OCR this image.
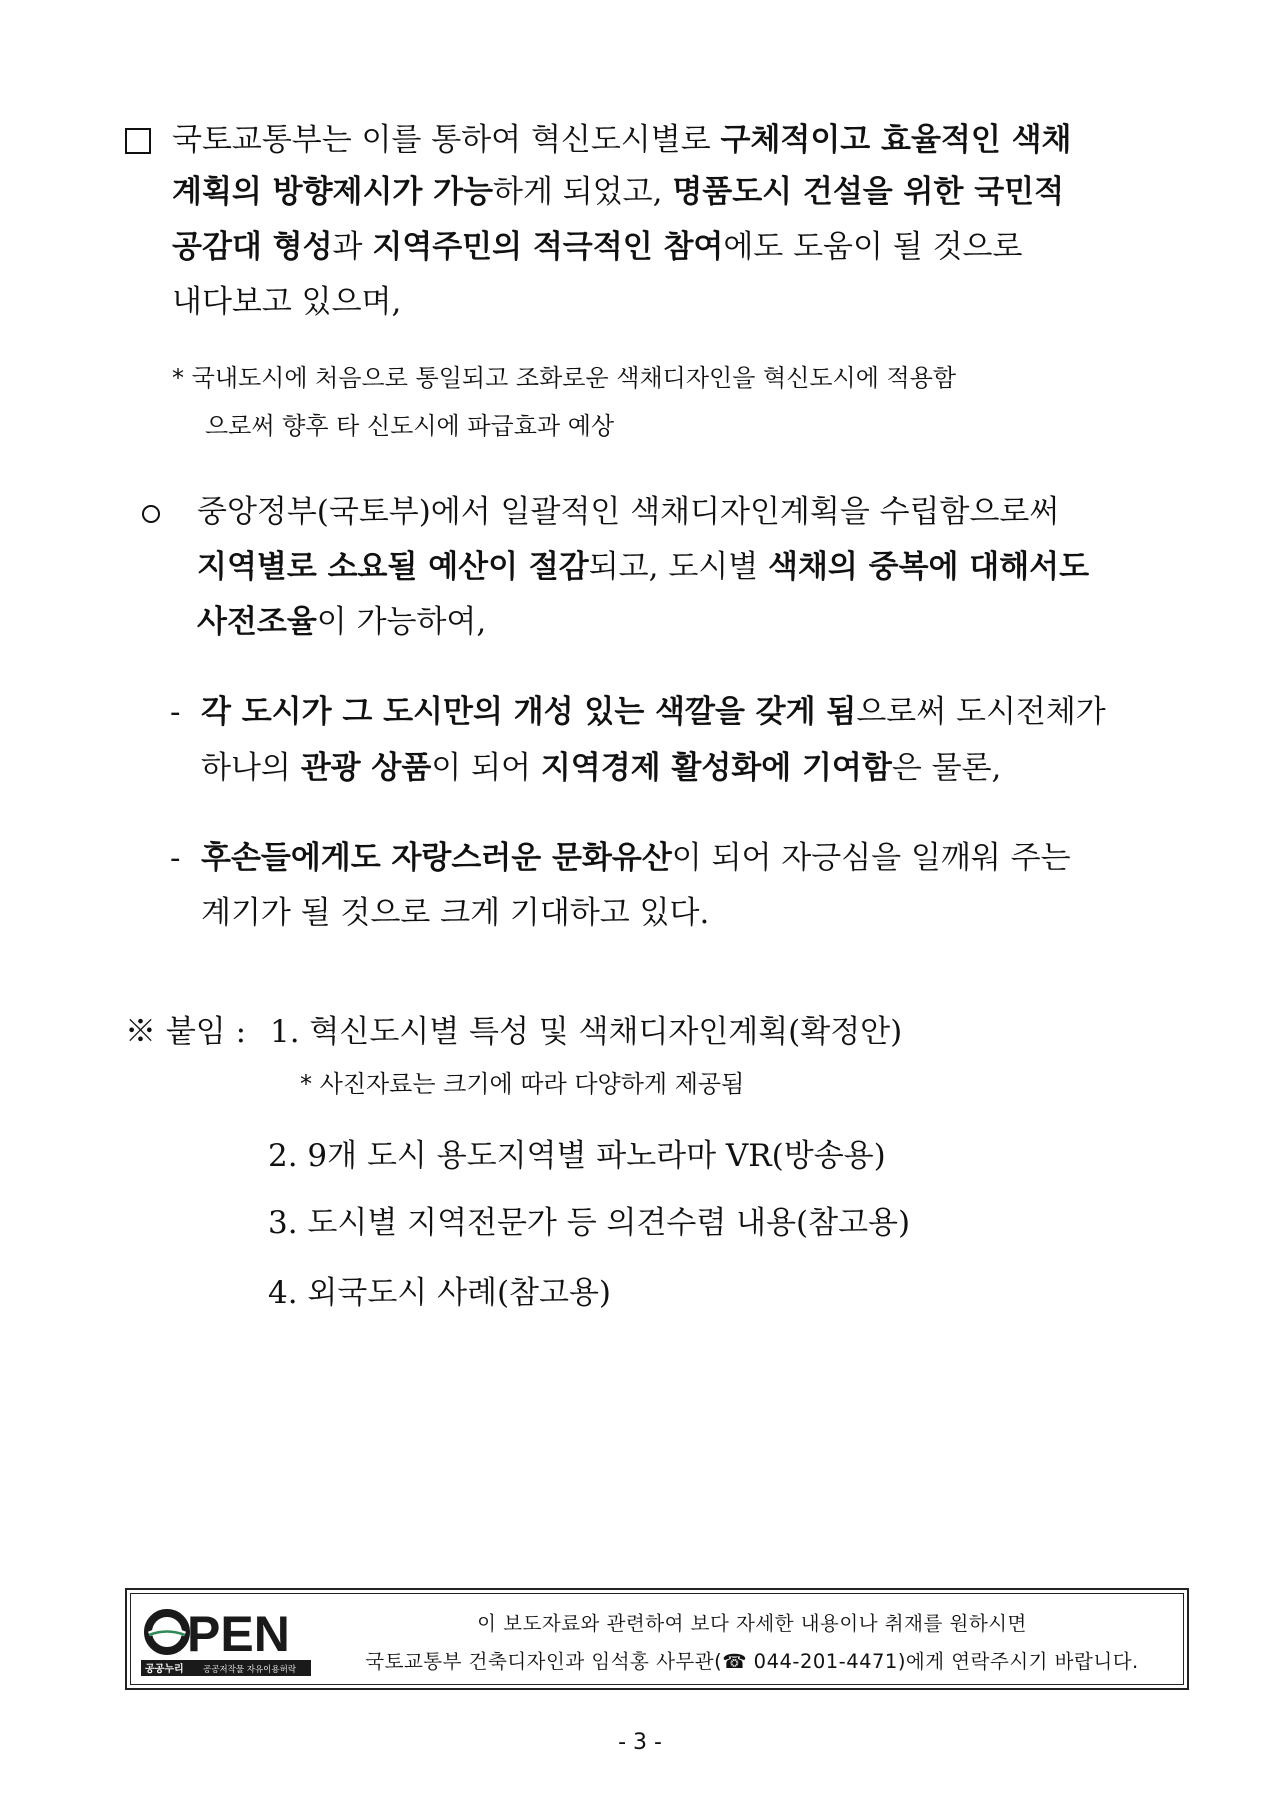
국토교통부는 이를 통하여 혁신도시별로 구체적이고 효율적인 색채
계획의 방향제시가 가능하게 되었고, 명품도시 건설을 위한 국민적
공감대 형성과 지역주민의 적극적인 참여에도 도움이 될 것으로
내다보고 있으며,
* 국내도시에 처음으로 통일되고 조화로운 색채디자인을 혁신도시에 적용함
으로써 향후 타 신도시에 파급효과 예상
중앙정부(국토부)에서 일괄적인 색채디자인계획을 수립함으로써
지역별로 소요될 예산이 절감되고, 도시별 색채의 중복에 대해서도
사전조율이 가능하여,
- 각 도시가 그 도시만의 개성 있는 색깔을 갖게 됨으로써 도시전체가
하나의 관광 상품이 되어 지역경제 활성화에 기여함은 물론,
- 후손들에게도 자랑스러운 문화유산이 되어 자긍심을 일깨워 주는
계기가 될 것으로 크게 기대하고 있다.
※ 붙임 : 1. 혁신도시별 특성 및 색채디자인계획(확정안)
* 사진자료는 크기에 따라 다양하게 제공됨
2. 9개 도시 용도지역별 파노라마 VR(방송용)
3. 도시별 지역전문가 등 의견수렴 내용(참고용)
4. 외국도시 사례(참고용)
PEN
공공누리 공공저작물 자유이용허락
이 보도자료와 관련하여 보다 자세한 내용이나 취재를 원하시면
국토교통부 건축디자인과 임석홍 사무관(☎ 044-201-4471)에게 연락주시기 바랍니다.
- 3 -
